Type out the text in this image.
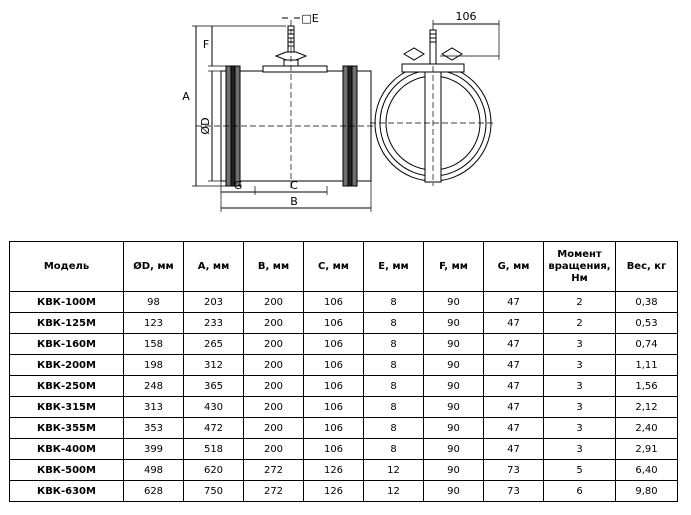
A
F
ØD
□E
G	C
B
106
Модель	ØD, мм	A, мм	B, мм	C, мм	E, мм	F, мм	G, мм	Момент вращения, Нм	Вес, кг
КВК-100М	98	203	200	106	8	90	47	2	0,38
КВК-125М	123	233	200	106	8	90	47	2	0,53
КВК-160М	158	265	200	106	8	90	47	3	0,74
КВК-200М	198	312	200	106	8	90	47	3	1,11
КВК-250М	248	365	200	106	8	90	47	3	1,56
КВК-315М	313	430	200	106	8	90	47	3	2,12
КВК-355М	353	472	200	106	8	90	47	3	2,40
КВК-400М	399	518	200	106	8	90	47	3	2,91
КВК-500М	498	620	272	126	12	90	73	5	6,40
КВК-630М	628	750	272	126	12	90	73	6	9,80
